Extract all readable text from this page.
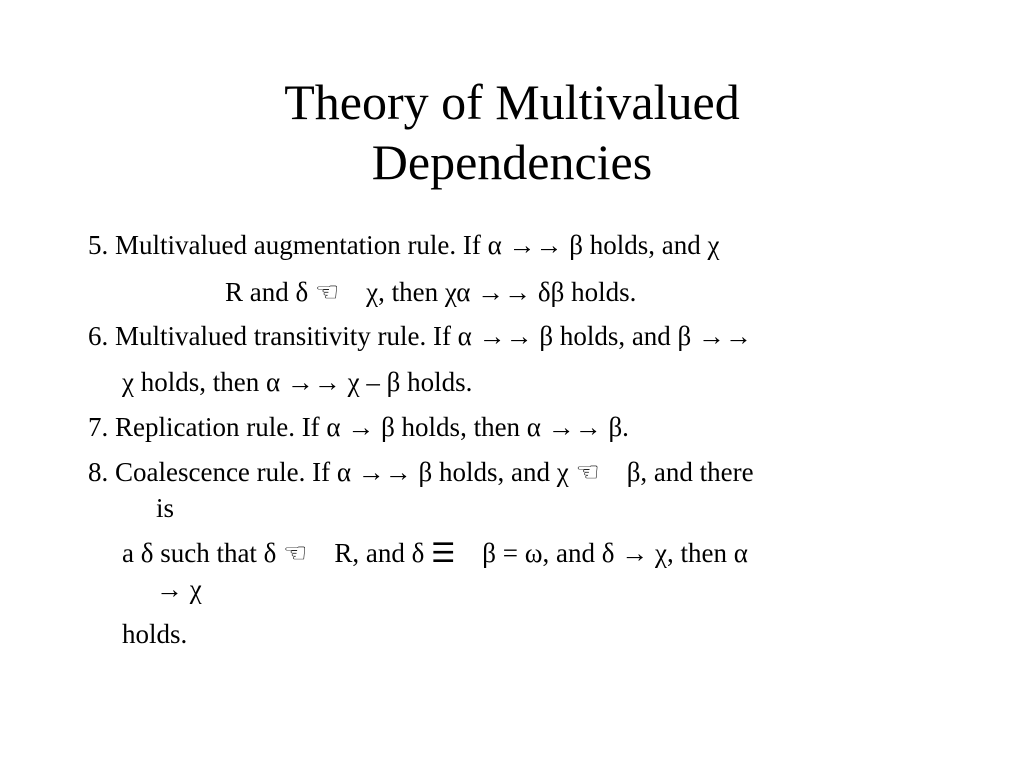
Theory of Multivalued
Dependencies
5. Multivalued augmentation rule. If α →→ β holds, and χ
R and δ ☜    χ, then χα →→ δβ holds.
6. Multivalued transitivity rule. If α →→ β holds, and β →→
χ holds, then α →→ χ – β holds.
7. Replication rule. If α → β holds, then α →→ β.
8. Coalescence rule. If α →→ β holds, and χ ☜    β, and there
is
a δ such that δ ☜    R, and δ ☰    β = ω, and δ → χ, then α
→ χ
holds.
